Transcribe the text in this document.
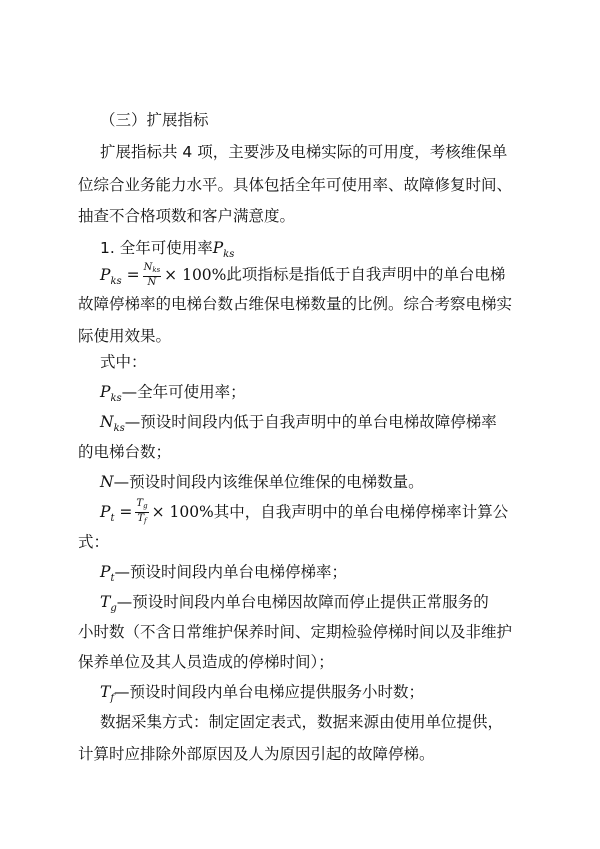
（三）扩展指标
扩展指标共 4 项，主要涉及电梯实际的可用度，考核维保单
位综合业务能力水平。具体包括全年可使用率、故障修复时间、
抽查不合格项数和客户满意度。
1. 全年可使用率$P_{ks}$
$P_{ks} = \frac{N_{ks}}{N} \times 100\%$此项指标是指低于自我声明中的单台电梯
故障停梯率的电梯台数占维保电梯数量的比例。综合考察电梯实
际使用效果。
式中：
$P_{ks}—$全年可使用率；
$N_{ks}—$预设时间段内低于自我声明中的单台电梯故障停梯率
的电梯台数；
N—预设时间段内该维保单位维保的电梯数量。
$P_t = \frac{T_g}{T_f} \times 100\%$其中，自我声明中的单台电梯停梯率计算公
式：
$P_t—$预设时间段内单台电梯停梯率；
$T_g—$预设时间段内单台电梯因故障而停止提供正常服务的
小时数（不含日常维护保养时间、定期检验停梯时间以及非维护
保养单位及其人员造成的停梯时间）；
$T_f—$预设时间段内单台电梯应提供服务小时数；
数据采集方式：制定固定表式，数据来源由使用单位提供，
计算时应排除外部原因及人为原因引起的故障停梯。
